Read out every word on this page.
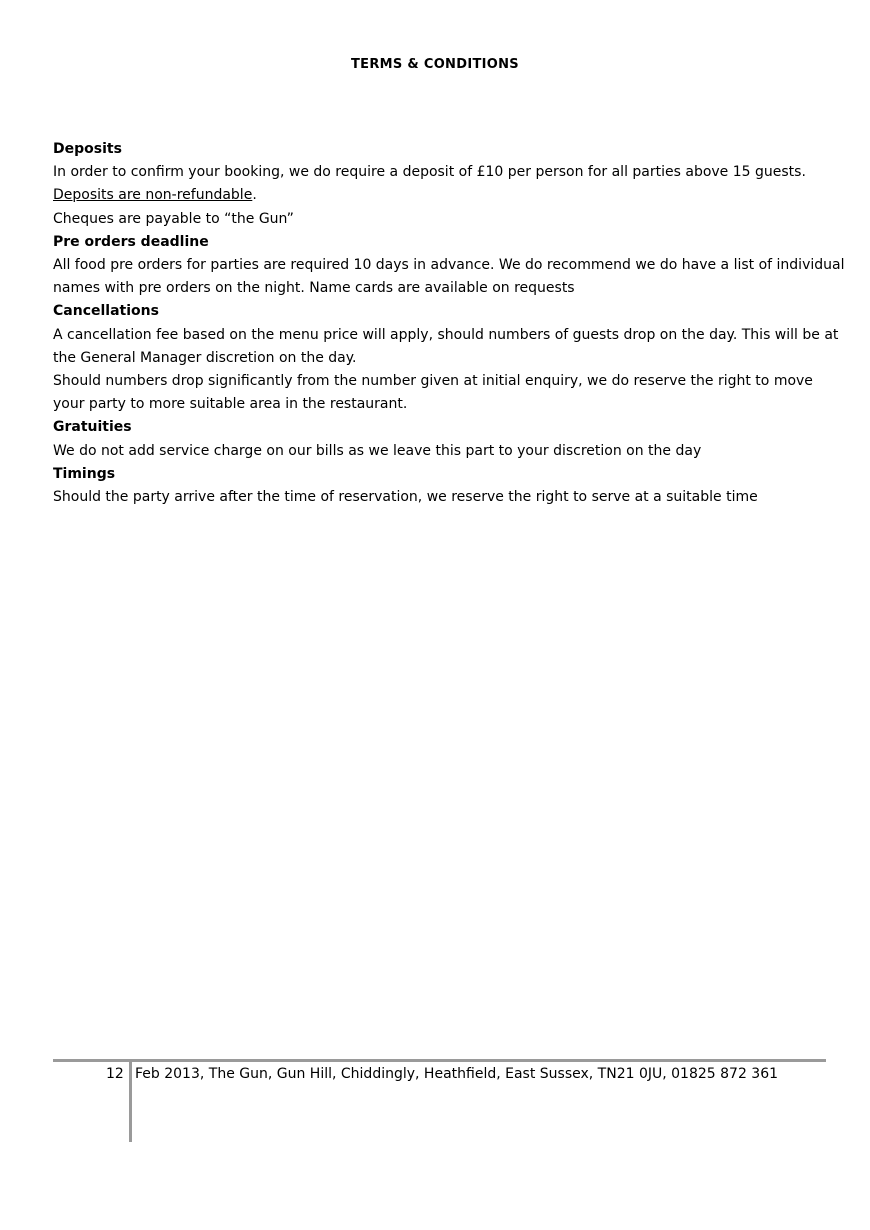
TERMS & CONDITIONS
Deposits
In order to confirm your booking, we do require a deposit of £10 per person for all parties above 15 guests.
Deposits are non-refundable.
Cheques are payable to “the Gun”
Pre orders deadline
All food pre orders for parties are required 10 days in advance. We do recommend we do have a list of individual
names with pre orders on the night. Name cards are available on requests
Cancellations
A cancellation fee based on the menu price will apply, should numbers of guests drop on the day. This will be at
the General Manager discretion on the day.
Should numbers drop significantly from the number given at initial enquiry, we do reserve the right to move
your party to more suitable area in the restaurant.
Gratuities
We do not add service charge on our bills as we leave this part to your discretion on the day
Timings
Should the party arrive after the time of reservation, we reserve the right to serve at a suitable time
12 Feb 2013, The Gun, Gun Hill, Chiddingly, Heathfield, East Sussex, TN21 0JU, 01825 872 361
